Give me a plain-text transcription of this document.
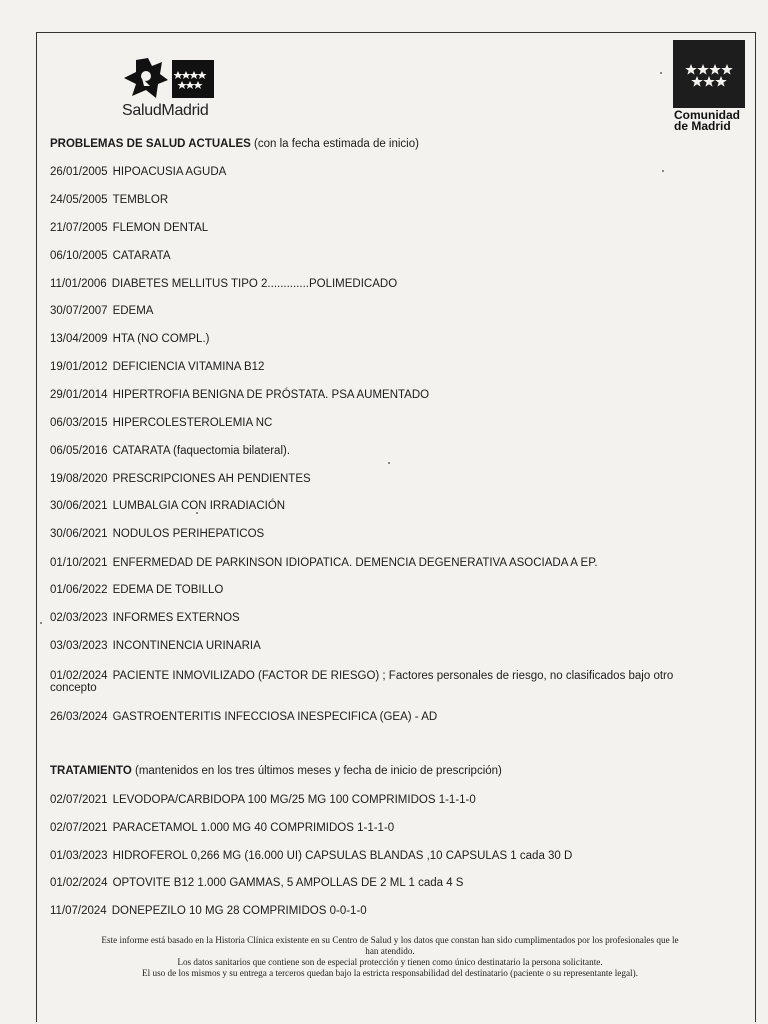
SaludMadrid	Comunidad
de Madrid
PROBLEMAS DE SALUD ACTUALES (con la fecha estimada de inicio)
26/01/2005 HIPOACUSIA AGUDA
24/05/2005 TEMBLOR
21/07/2005 FLEMON DENTAL
06/10/2005 CATARATA
11/01/2006 DIABETES MELLITUS TIPO 2.............POLIMEDICADO
30/07/2007 EDEMA
13/04/2009 HTA (NO COMPL.)
19/01/2012 DEFICIENCIA VITAMINA B12
29/01/2014 HIPERTROFIA BENIGNA DE PRÓSTATA. PSA AUMENTADO
06/03/2015 HIPERCOLESTEROLEMIA NC
06/05/2016 CATARATA (faquectomia bilateral).
19/08/2020 PRESCRIPCIONES AH PENDIENTES
30/06/2021 LUMBALGIA CON IRRADIACIÓN
30/06/2021 NODULOS PERIHEPATICOS
01/10/2021 ENFERMEDAD DE PARKINSON IDIOPATICA. DEMENCIA DEGENERATIVA ASOCIADA A EP.
01/06/2022 EDEMA DE TOBILLO
02/03/2023 INFORMES EXTERNOS
03/03/2023 INCONTINENCIA URINARIA
01/02/2024 PACIENTE INMOVILIZADO (FACTOR DE RIESGO) ; Factores personales de riesgo, no clasificados bajo otro concepto
26/03/2024 GASTROENTERITIS INFECCIOSA INESPECIFICA (GEA) - AD
TRATAMIENTO (mantenidos en los tres últimos meses y fecha de inicio de prescripción)
02/07/2021 LEVODOPA/CARBIDOPA 100 MG/25 MG 100 COMPRIMIDOS 1-1-1-0
02/07/2021 PARACETAMOL 1.000 MG 40 COMPRIMIDOS 1-1-1-0
01/03/2023 HIDROFEROL 0,266 MG (16.000 UI) CAPSULAS BLANDAS ,10 CAPSULAS 1 cada 30 D
01/02/2024 OPTOVITE B12 1.000 GAMMAS, 5 AMPOLLAS DE 2 ML 1 cada 4 S
11/07/2024 DONEPEZILO 10 MG 28 COMPRIMIDOS 0-0-1-0

Este informe está basado en la Historia Clínica existente en su Centro de Salud y los datos que constan han sido cumplimentados por los profesionales que le han atendido.

Los datos sanitarios que contiene son de especial protección y tienen como único destinatario la persona solicitante.

El uso de los mismos y su entrega a terceros quedan bajo la estricta responsabilidad del destinatario (paciente o su representante legal).
